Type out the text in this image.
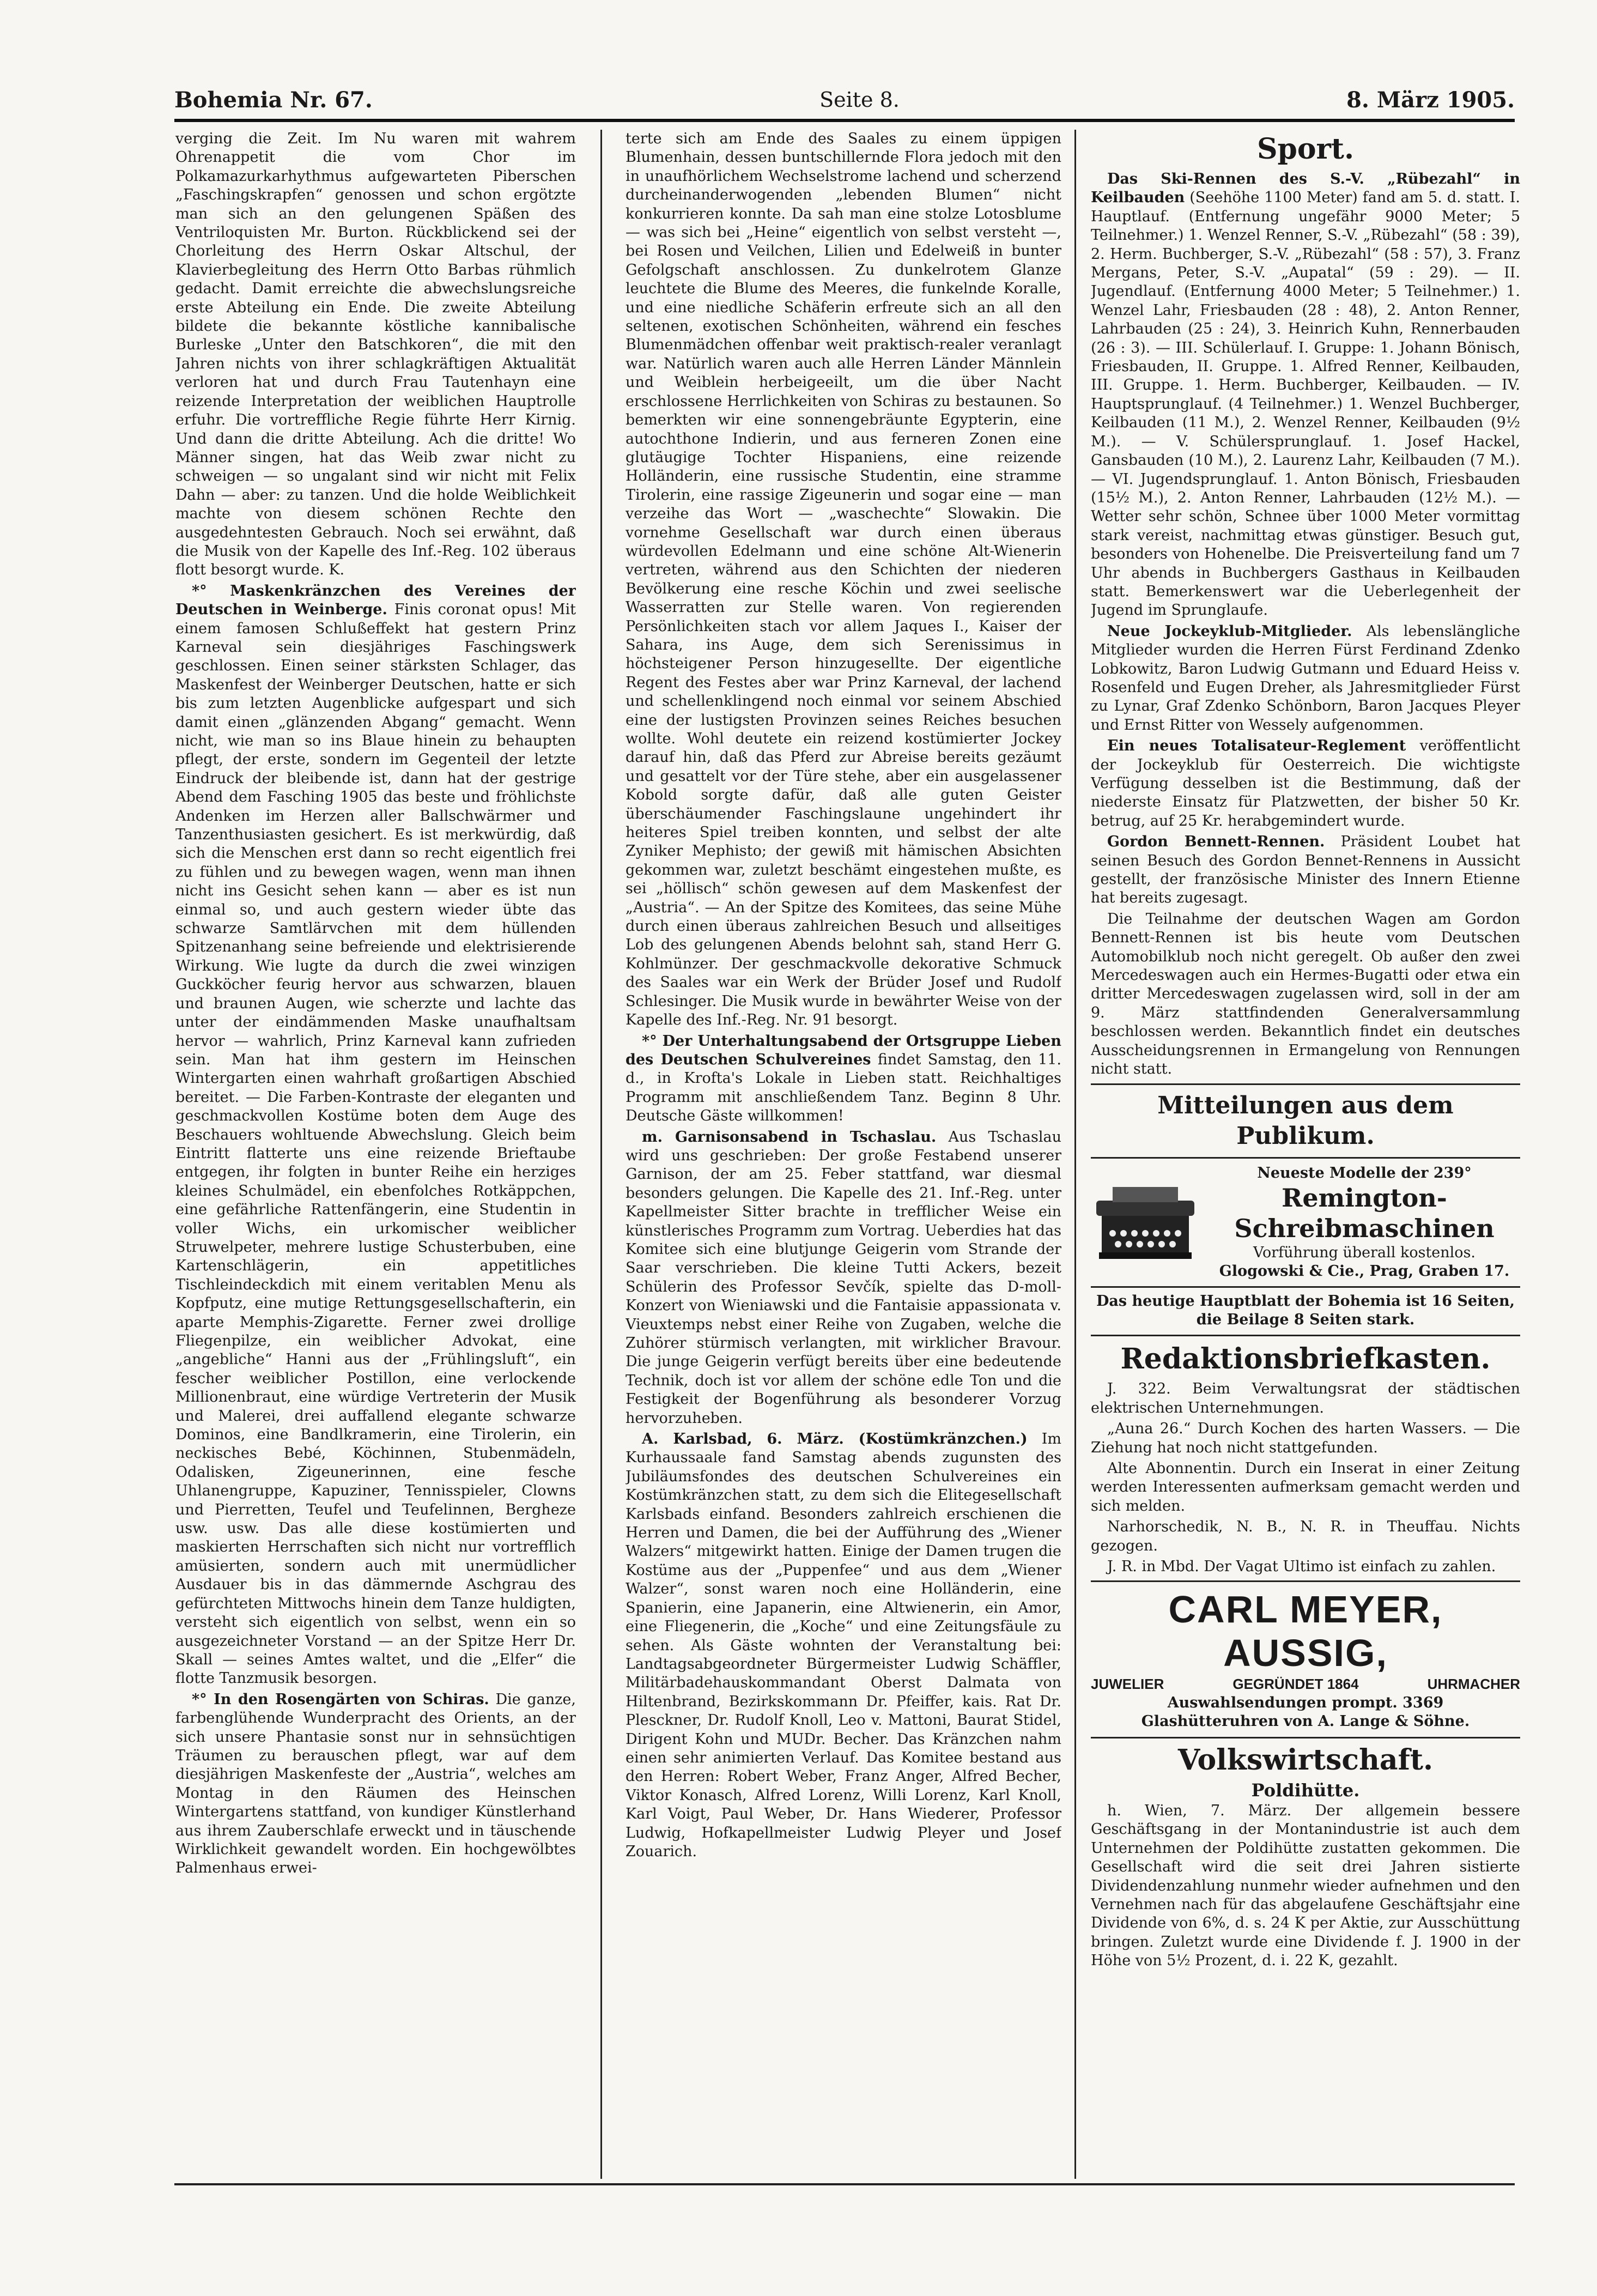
Bohemia Nr. 67.	Seite 8.	8. März 1905.

verging die Zeit. Im Nu waren mit wahrem Ohrenappetit die vom Chor im Polkamazurkarhythmus aufgewarteten Piberschen „Faschingskrapfen“ genossen und schon ergötzte man sich an den gelungenen Späßen des Ventriloquisten Mr. Burton. Rückblickend sei der Chorleitung des Herrn Oskar Altschul, der Klavierbegleitung des Herrn Otto Barbas rühmlich gedacht. Damit erreichte die abwechslungsreiche erste Abteilung ein Ende. Die zweite Abteilung bildete die bekannte köstliche kannibalische Burleske „Unter den Batschkoren“, die mit den Jahren nichts von ihrer schlagkräftigen Aktualität verloren hat und durch Frau Tautenhayn eine reizende Interpretation der weiblichen Hauptrolle erfuhr. Die vortreffliche Regie führte Herr Kirnig. Und dann die dritte Abteilung. Ach die dritte! Wo Männer singen, hat das Weib zwar nicht zu schweigen — so ungalant sind wir nicht mit Felix Dahn — aber: zu tanzen. Und die holde Weiblichkeit machte von diesem schönen Rechte den ausgedehntesten Gebrauch. Noch sei erwähnt, daß die Musik von der Kapelle des Inf.-Reg. 102 überaus flott besorgt wurde. K.

*° Maskenkränzchen des Vereines der Deutschen in Weinberge. Finis coronat opus! Mit einem famosen Schlußeffekt hat gestern Prinz Karneval sein diesjähriges Faschingswerk geschlossen. Einen seiner stärksten Schlager, das Maskenfest der Weinberger Deutschen, hatte er sich bis zum letzten Augenblicke aufgespart und sich damit einen „glänzenden Abgang“ gemacht. Wenn nicht, wie man so ins Blaue hinein zu behaupten pflegt, der erste, sondern im Gegenteil der letzte Eindruck der bleibende ist, dann hat der gestrige Abend dem Fasching 1905 das beste und fröhlichste Andenken im Herzen aller Ballschwärmer und Tanzenthusiasten gesichert. Es ist merkwürdig, daß sich die Menschen erst dann so recht eigentlich frei zu fühlen und zu bewegen wagen, wenn man ihnen nicht ins Gesicht sehen kann — aber es ist nun einmal so, und auch gestern wieder übte das schwarze Samtlärvchen mit dem hüllenden Spitzenanhang seine befreiende und elektrisierende Wirkung. Wie lugte da durch die zwei winzigen Guckköcher feurig hervor aus schwarzen, blauen und braunen Augen, wie scherzte und lachte das unter der eindämmenden Maske unaufhaltsam hervor — wahrlich, Prinz Karneval kann zufrieden sein. Man hat ihm gestern im Heinschen Wintergarten einen wahrhaft großartigen Abschied bereitet. — Die Farben-Kontraste der eleganten und geschmackvollen Kostüme boten dem Auge des Beschauers wohltuende Abwechslung. Gleich beim Eintritt flatterte uns eine reizende Brieftaube entgegen, ihr folgten in bunter Reihe ein herziges kleines Schulmädel, ein ebenfolches Rotkäppchen, eine gefährliche Rattenfängerin, eine Studentin in voller Wichs, ein urkomischer weiblicher Struwelpeter, mehrere lustige Schusterbuben, eine Kartenschlägerin, ein appetitliches Tischleindeckdich mit einem veritablen Menu als Kopfputz, eine mutige Rettungsgesellschafterin, ein aparte Memphis-Zigarette. Ferner zwei drollige Fliegenpilze, ein weiblicher Advokat, eine „angebliche“ Hanni aus der „Frühlingsluft“, ein fescher weiblicher Postillon, eine verlockende Millionenbraut, eine würdige Vertreterin der Musik und Malerei, drei auffallend elegante schwarze Dominos, eine Bandlkramerin, eine Tirolerin, ein neckisches Bebé, Köchinnen, Stubenmädeln, Odalisken, Zigeunerinnen, eine fesche Uhlanengruppe, Kapuziner, Tennisspieler, Clowns und Pierretten, Teufel und Teufelinnen, Bergheze usw. usw. Das alle diese kostümierten und maskierten Herrschaften sich nicht nur vortrefflich amüsierten, sondern auch mit unermüdlicher Ausdauer bis in das dämmernde Aschgrau des gefürchteten Mittwochs hinein dem Tanze huldigten, versteht sich eigentlich von selbst, wenn ein so ausgezeichneter Vorstand — an der Spitze Herr Dr. Skall — seines Amtes waltet, und die „Elfer“ die flotte Tanzmusik besorgen.

*° In den Rosengärten von Schiras. Die ganze, farbenglühende Wunderpracht des Orients, an der sich unsere Phantasie sonst nur in sehnsüchtigen Träumen zu berauschen pflegt, war auf dem diesjährigen Maskenfeste der „Austria“, welches am Montag in den Räumen des Heinschen Wintergartens stattfand, von kundiger Künstlerhand aus ihrem Zauberschlafe erweckt und in täuschende Wirklichkeit gewandelt worden. Ein hochgewölbtes Palmenhaus erwei-

terte sich am Ende des Saales zu einem üppigen Blumenhain, dessen buntschillernde Flora jedoch mit den in unaufhörlichem Wechselstrome lachend und scherzend durcheinanderwogenden „lebenden Blumen“ nicht konkurrieren konnte. Da sah man eine stolze Lotosblume — was sich bei „Heine“ eigentlich von selbst versteht —, bei Rosen und Veilchen, Lilien und Edelweiß in bunter Gefolgschaft anschlossen. Zu dunkelrotem Glanze leuchtete die Blume des Meeres, die funkelnde Koralle, und eine niedliche Schäferin erfreute sich an all den seltenen, exotischen Schönheiten, während ein fesches Blumenmädchen offenbar weit praktisch-realer veranlagt war. Natürlich waren auch alle Herren Länder Männlein und Weiblein herbeigeeilt, um die über Nacht erschlossene Herrlichkeiten von Schiras zu bestaunen. So bemerkten wir eine sonnengebräunte Egypterin, eine autochthone Indierin, und aus ferneren Zonen eine glutäugige Tochter Hispaniens, eine reizende Holländerin, eine russische Studentin, eine stramme Tirolerin, eine rassige Zigeunerin und sogar eine — man verzeihe das Wort — „waschechte“ Slowakin. Die vornehme Gesellschaft war durch einen überaus würdevollen Edelmann und eine schöne Alt-Wienerin vertreten, während aus den Schichten der niederen Bevölkerung eine resche Köchin und zwei seelische Wasserratten zur Stelle waren. Von regierenden Persönlichkeiten stach vor allem Jaques I., Kaiser der Sahara, ins Auge, dem sich Serenissimus in höchsteigener Person hinzugesellte. Der eigentliche Regent des Festes aber war Prinz Karneval, der lachend und schellenklingend noch einmal vor seinem Abschied eine der lustigsten Provinzen seines Reiches besuchen wollte. Wohl deutete ein reizend kostümierter Jockey darauf hin, daß das Pferd zur Abreise bereits gezäumt und gesattelt vor der Türe stehe, aber ein ausgelassener Kobold sorgte dafür, daß alle guten Geister überschäumender Faschingslaune ungehindert ihr heiteres Spiel treiben konnten, und selbst der alte Zyniker Mephisto; der gewiß mit hämischen Absichten gekommen war, zuletzt beschämt eingestehen mußte, es sei „höllisch“ schön gewesen auf dem Maskenfest der „Austria“. — An der Spitze des Komitees, das seine Mühe durch einen überaus zahlreichen Besuch und allseitiges Lob des gelungenen Abends belohnt sah, stand Herr G. Kohlmünzer. Der geschmackvolle dekorative Schmuck des Saales war ein Werk der Brüder Josef und Rudolf Schlesinger. Die Musik wurde in bewährter Weise von der Kapelle des Inf.-Reg. Nr. 91 besorgt.

*° Der Unterhaltungsabend der Ortsgruppe Lieben des Deutschen Schulvereines findet Samstag, den 11. d., in Krofta's Lokale in Lieben statt. Reichhaltiges Programm mit anschließendem Tanz. Beginn 8 Uhr. Deutsche Gäste willkommen!

m. Garnisonsabend in Tschaslau. Aus Tschaslau wird uns geschrieben: Der große Festabend unserer Garnison, der am 25. Feber stattfand, war diesmal besonders gelungen. Die Kapelle des 21. Inf.-Reg. unter Kapellmeister Sitter brachte in trefflicher Weise ein künstlerisches Programm zum Vortrag. Ueberdies hat das Komitee sich eine blutjunge Geigerin vom Strande der Saar verschrieben. Die kleine Tutti Ackers, bezeit Schülerin des Professor Sevčík, spielte das D-moll-Konzert von Wieniawski und die Fantaisie appassionata v. Vieuxtemps nebst einer Reihe von Zugaben, welche die Zuhörer stürmisch verlangten, mit wirklicher Bravour. Die junge Geigerin verfügt bereits über eine bedeutende Technik, doch ist vor allem der schöne edle Ton und die Festigkeit der Bogenführung als besonderer Vorzug hervorzuheben.

A. Karlsbad, 6. März. (Kostümkränzchen.) Im Kurhaussaale fand Samstag abends zugunsten des Jubiläumsfondes des deutschen Schulvereines ein Kostümkränzchen statt, zu dem sich die Elitegesellschaft Karlsbads einfand. Besonders zahlreich erschienen die Herren und Damen, die bei der Aufführung des „Wiener Walzers“ mitgewirkt hatten. Einige der Damen trugen die Kostüme aus der „Puppenfee“ und aus dem „Wiener Walzer“, sonst waren noch eine Holländerin, eine Spanierin, eine Japanerin, eine Altwienerin, ein Amor, eine Fliegenerin, die „Koche“ und eine Zeitungsfäule zu sehen. Als Gäste wohnten der Veranstaltung bei: Landtagsabgeordneter Bürgermeister Ludwig Schäffler, Militärbadehauskommandant Oberst Dalmata von Hiltenbrand, Bezirkskommann Dr. Pfeiffer, kais. Rat Dr. Plesckner, Dr. Rudolf Knoll, Leo v. Mattoni, Baurat Stidel, Dirigent Kohn und MUDr. Becher. Das Kränzchen nahm einen sehr animierten Verlauf. Das Komitee bestand aus den Herren: Robert Weber, Franz Anger, Alfred Becher, Viktor Konasch, Alfred Lorenz, Willi Lorenz, Karl Knoll, Karl Voigt, Paul Weber, Dr. Hans Wiederer, Professor Ludwig, Hofkapellmeister Ludwig Pleyer und Josef Zouarich.

Sport.

Das Ski-Rennen des S.-V. „Rübezahl“ in Keilbauden (Seehöhe 1100 Meter) fand am 5. d. statt. I. Hauptlauf. (Entfernung ungefähr 9000 Meter; 5 Teilnehmer.) 1. Wenzel Renner, S.-V. „Rübezahl“ (58 : 39), 2. Herm. Buchberger, S.-V. „Rübezahl“ (58 : 57), 3. Franz Mergans, Peter, S.-V. „Aupatal“ (59 : 29). — II. Jugendlauf. (Entfernung 4000 Meter; 5 Teilnehmer.) 1. Wenzel Lahr, Friesbauden (28 : 48), 2. Anton Renner, Lahrbauden (25 : 24), 3. Heinrich Kuhn, Rennerbauden (26 : 3). — III. Schülerlauf. I. Gruppe: 1. Johann Bönisch, Friesbauden, II. Gruppe. 1. Alfred Renner, Keilbauden, III. Gruppe. 1. Herm. Buchberger, Keilbauden. — IV. Hauptsprunglauf. (4 Teilnehmer.) 1. Wenzel Buchberger, Keilbauden (11 M.), 2. Wenzel Renner, Keilbauden (9½ M.). — V. Schülersprunglauf. 1. Josef Hackel, Gansbauden (10 M.), 2. Laurenz Lahr, Keilbauden (7 M.). — VI. Jugendsprunglauf. 1. Anton Bönisch, Friesbauden (15½ M.), 2. Anton Renner, Lahrbauden (12½ M.). — Wetter sehr schön, Schnee über 1000 Meter vormittag stark vereist, nachmittag etwas günstiger. Besuch gut, besonders von Hohenelbe. Die Preisverteilung fand um 7 Uhr abends in Buchbergers Gasthaus in Keilbauden statt. Bemerkenswert war die Ueberlegenheit der Jugend im Sprunglaufe.

Neue Jockeyklub-Mitglieder. Als lebenslängliche Mitglieder wurden die Herren Fürst Ferdinand Zdenko Lobkowitz, Baron Ludwig Gutmann und Eduard Heiss v. Rosenfeld und Eugen Dreher, als Jahresmitglieder Fürst zu Lynar, Graf Zdenko Schönborn, Baron Jacques Pleyer und Ernst Ritter von Wessely aufgenommen.

Ein neues Totalisateur-Reglement veröffentlicht der Jockeyklub für Oesterreich. Die wichtigste Verfügung desselben ist die Bestimmung, daß der niederste Einsatz für Platzwetten, der bisher 50 Kr. betrug, auf 25 Kr. herabgemindert wurde.

Gordon Bennett-Rennen. Präsident Loubet hat seinen Besuch des Gordon Bennet-Rennens in Aussicht gestellt, der französische Minister des Innern Etienne hat bereits zugesagt.

Die Teilnahme der deutschen Wagen am Gordon Bennett-Rennen ist bis heute vom Deutschen Automobilklub noch nicht geregelt. Ob außer den zwei Mercedeswagen auch ein Hermes-Bugatti oder etwa ein dritter Mercedeswagen zugelassen wird, soll in der am 9. März stattfindenden Generalversammlung beschlossen werden. Bekanntlich findet ein deutsches Ausscheidungsrennen in Ermangelung von Rennungen nicht statt.

Mitteilungen aus dem Publikum.
Neueste Modelle der 239°
Remington-Schreibmaschinen
Vorführung überall kostenlos.
Glogowski & Cie., Prag, Graben 17.

Das heutige Hauptblatt der Bohemia ist 16 Seiten, die Beilage 8 Seiten stark.

Redaktionsbriefkasten.

J. 322. Beim Verwaltungsrat der städtischen elektrischen Unternehmungen.

„Auna 26.“ Durch Kochen des harten Wassers. — Die Ziehung hat noch nicht stattgefunden.

Alte Abonnentin. Durch ein Inserat in einer Zeitung werden Interessenten aufmerksam gemacht werden und sich melden.

Narhorschedik, N. B., N. R. in Theuffau. Nichts gezogen.

J. R. in Mbd. Der Vagat Ultimo ist einfach zu zahlen.

CARL MEYER, AUSSIG,
JUWELIER	GEGRÜNDET 1864	UHRMACHER
Auswahlsendungen prompt. 3369
Glashütteruhren von A. Lange & Söhne.
Volkswirtschaft.
Poldihütte.

h. Wien, 7. März. Der allgemein bessere Geschäftsgang in der Montanindustrie ist auch dem Unternehmen der Poldihütte zustatten gekommen. Die Gesellschaft wird die seit drei Jahren sistierte Dividendenzahlung nunmehr wieder aufnehmen und den Vernehmen nach für das abgelaufene Geschäftsjahr eine Dividende von 6%, d. s. 24 K per Aktie, zur Ausschüttung bringen. Zuletzt wurde eine Dividende f. J. 1900 in der Höhe von 5½ Prozent, d. i. 22 K, gezahlt.
